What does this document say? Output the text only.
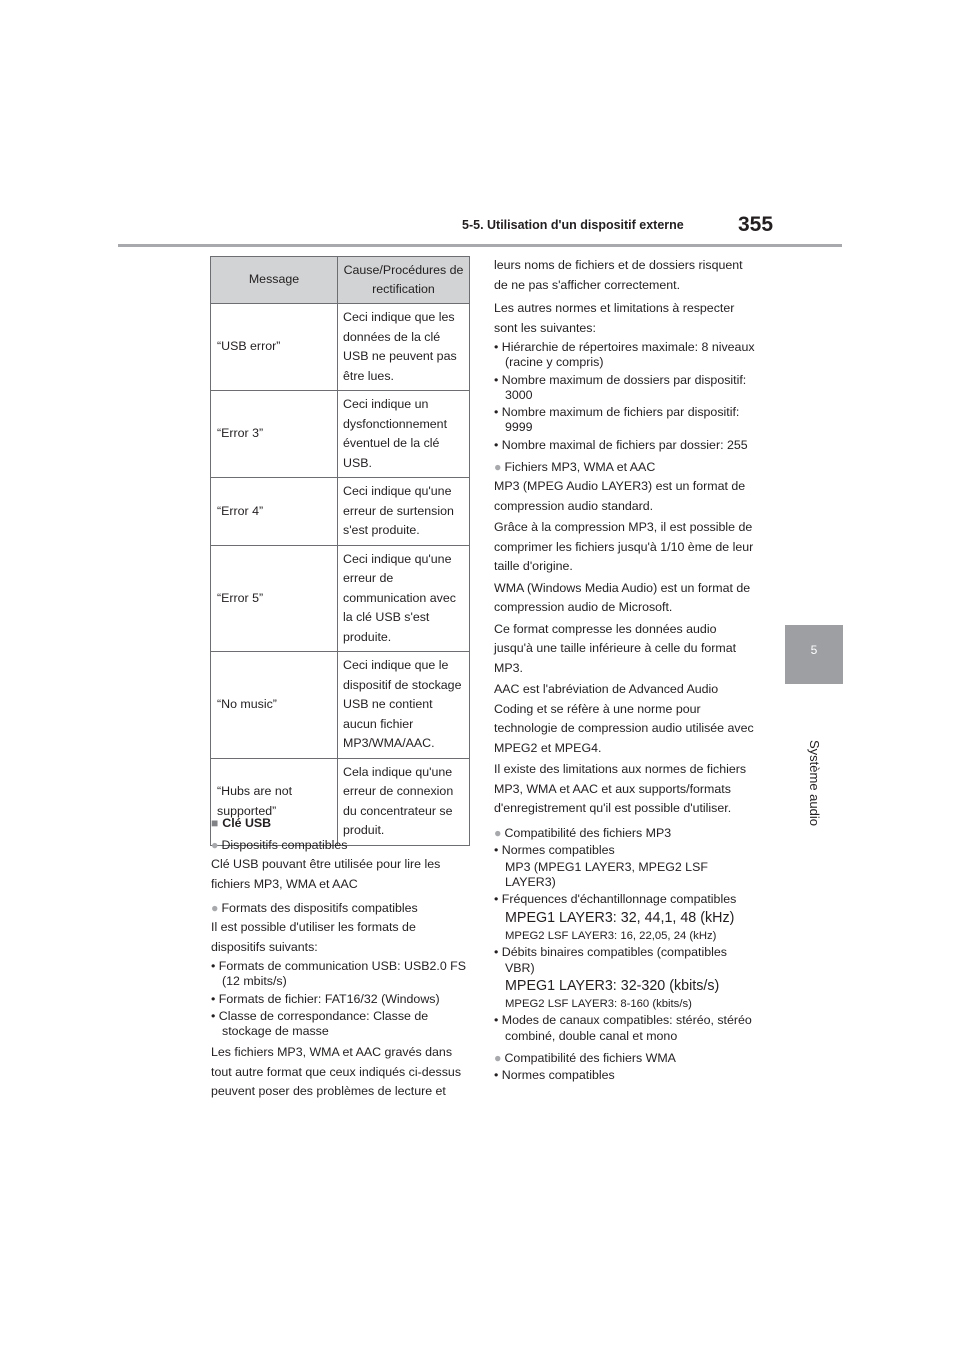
5-5. Utilisation d'un dispositif externe	355
5
Système audio
Message	Cause/Procédures de rectification
“USB error”	Ceci indique que les données de la clé USB ne peuvent pas être lues.
“Error 3”	Ceci indique un dysfonctionnement éventuel de la clé USB.
“Error 4”	Ceci indique qu'une erreur de surtension s'est produite.
“Error 5”	Ceci indique qu'une erreur de communication avec la clé USB s'est produite.
“No music”	Ceci indique que le dispositif de stockage USB ne contient aucun fichier MP3/WMA/AAC.
“Hubs are not supported”	Cela indique qu'une erreur de connexion du concentrateur se produit.
■ Clé USB
● Dispositifs compatibles

Clé USB pouvant être utilisée pour lire les fichiers MP3, WMA et AAC

● Formats des dispositifs compatibles

Il est possible d'utiliser les formats de dispositifs suivants:

• Formats de communication USB: USB2.0 FS (12 mbits/s)
• Formats de fichier: FAT16/32 (Windows)
• Classe de correspondance: Classe de stockage de masse

Les fichiers MP3, WMA et AAC gravés dans tout autre format que ceux indiqués ci-dessus peuvent poser des problèmes de lecture et

leurs noms de fichiers et de dossiers risquent de ne pas s'afficher correctement.

Les autres normes et limitations à respecter sont les suivantes:

• Hiérarchie de répertoires maximale: 8 niveaux (racine y compris)
• Nombre maximum de dossiers par dispositif: 3000
• Nombre maximum de fichiers par dispositif: 9999
• Nombre maximal de fichiers par dossier: 255
● Fichiers MP3, WMA et AAC

MP3 (MPEG Audio LAYER3) est un format de compression audio standard.

Grâce à la compression MP3, il est possible de comprimer les fichiers jusqu'à 1/10 ème de leur taille d'origine.

WMA (Windows Media Audio) est un format de compression audio de Microsoft.

Ce format compresse les données audio jusqu'à une taille inférieure à celle du format MP3.

AAC est l'abréviation de Advanced Audio Coding et se réfère à une norme pour technologie de compression audio utilisée avec MPEG2 et MPEG4.

Il existe des limitations aux normes de fichiers MP3, WMA et AAC et aux supports/formats d'enregistrement qu'il est possible d'utiliser.

● Compatibilité des fichiers MP3
• Normes compatibles
MP3 (MPEG1 LAYER3, MPEG2 LSF LAYER3)
• Fréquences d'échantillonnage compatibles
MPEG1 LAYER3: 32, 44,1, 48 (kHz)
MPEG2 LSF LAYER3: 16, 22,05, 24 (kHz)
• Débits binaires compatibles (compatibles VBR)
MPEG1 LAYER3: 32-320 (kbits/s)
MPEG2 LSF LAYER3: 8-160 (kbits/s)
• Modes de canaux compatibles: stéréo, stéréo combiné, double canal et mono
● Compatibilité des fichiers WMA
• Normes compatibles
